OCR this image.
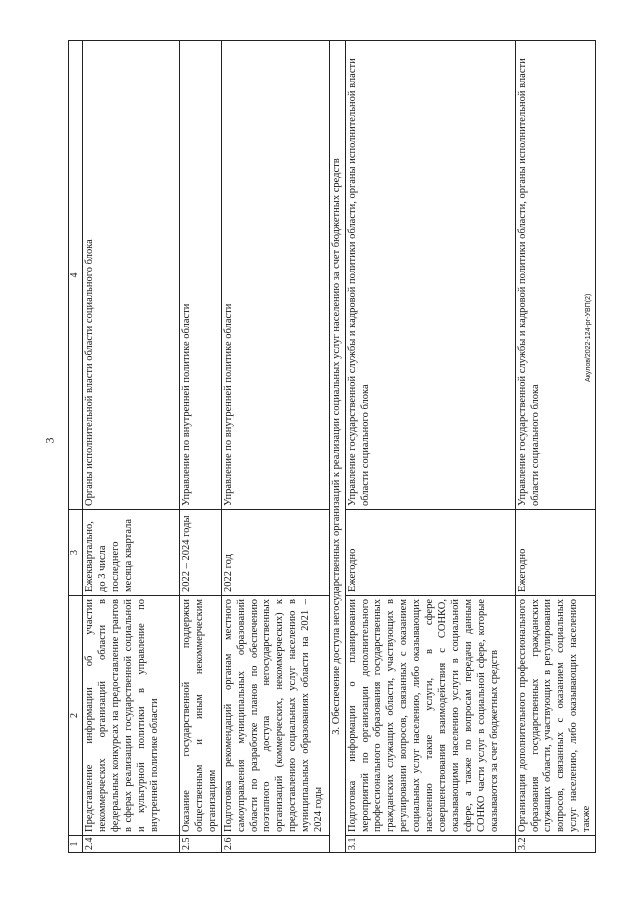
3
1	2	3	4
2.4	Представление информации об участии некоммерческих организаций области в федеральных конкурсах на предоставление грантов в сферах реализации государственной социальной и культурной политики в управление по внутренней политике области	Ежеквартально, до 3 числа последнего месяца квартала	Органы исполнительной власти области социального блока
2.5	Оказание государственной поддержки общественным и иным некоммерческим организациям	2022 – 2024 годы	Управление по внутренней политике области
2.6	Подготовка рекомендаций органам местного самоуправления муниципальных образований области по разработке планов по обеспечению поэтапного доступа негосударственных организаций (коммерческих, некоммерческих) к предоставлению социальных услуг населению в муниципальных образованиях области на 2021 – 2024 годы	2022 год	Управление по внутренней политике области
3. Обеспечение доступа негосударственных организаций к реализации социальных услуг населению за счет бюджетных средств			
3.1	Подготовка информации о планировании мероприятий по организации дополнительного профессионального образования государственных гражданских служащих области, участвующих в регулировании вопросов, связанных с оказанием социальных услуг населению, либо оказывающих населению такие услуги, в сфере совершенствования взаимодействия с СОНКО, оказывающими населению услуги в социальной сфере, а также по вопросам передачи данным СОНКО части услуг в социальной сфере, которые оказываются за счет бюджетных средств	Ежегодно	Управление государственной службы и кадровой политики области, органы исполнительной власти области социального блока
3.2	Организация дополнительного профессионального образования государственных гражданских служащих области, участвующих в регулировании вопросов, связанных с оказанием социальных услуг населению, либо оказывающих населению также	Ежегодно	Управление государственной службы и кадровой политики области, органы исполнительной власти области социального блока
Акулов/2022-124-рг-УВП(2)
